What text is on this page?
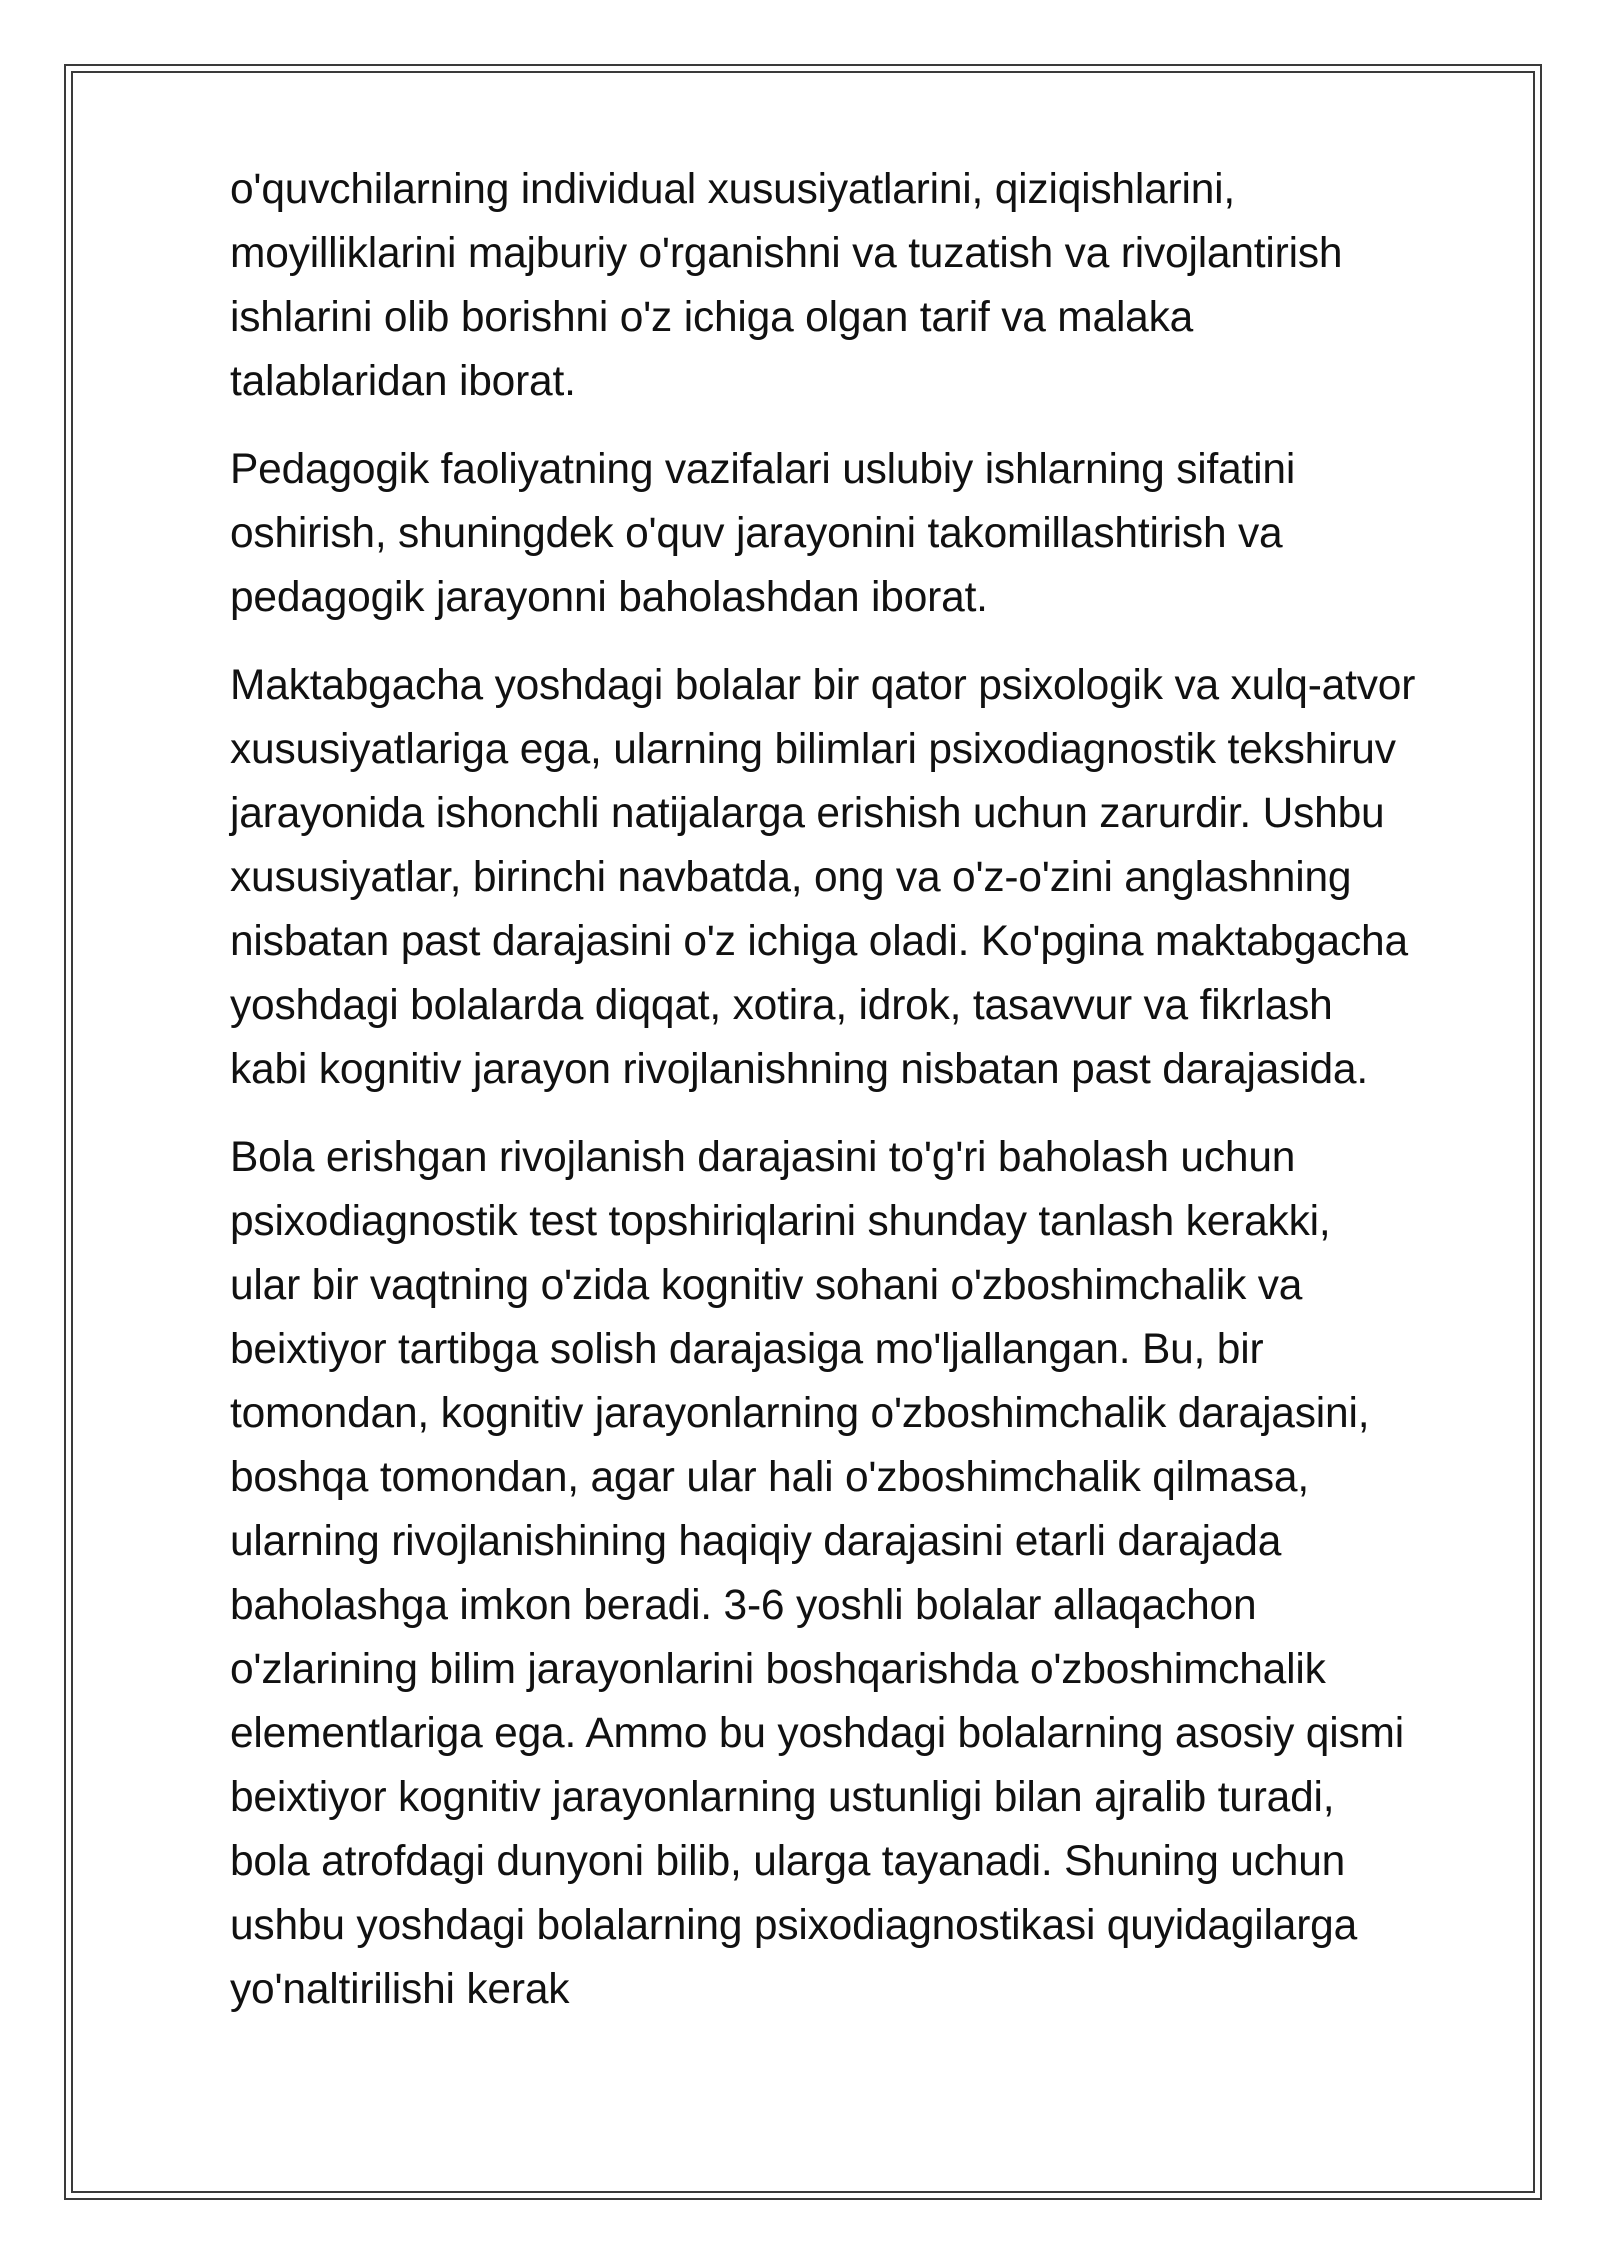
o'quvchilarning individual xususiyatlarini, qiziqishlarini,
moyilliklarini majburiy o'rganishni va tuzatish va rivojlantirish
ishlarini olib borishni o'z ichiga olgan tarif va malaka
talablaridan iborat.

Pedagogik faoliyatning vazifalari uslubiy ishlarning sifatini
oshirish, shuningdek o'quv jarayonini takomillashtirish va
pedagogik jarayonni baholashdan iborat.

Maktabgacha yoshdagi bolalar bir qator psixologik va xulq-atvor
xususiyatlariga ega, ularning bilimlari psixodiagnostik tekshiruv
jarayonida ishonchli natijalarga erishish uchun zarurdir. Ushbu
xususiyatlar, birinchi navbatda, ong va o'z-o'zini anglashning
nisbatan past darajasini o'z ichiga oladi. Ko'pgina maktabgacha
yoshdagi bolalarda diqqat, xotira, idrok, tasavvur va fikrlash
kabi kognitiv jarayon rivojlanishning nisbatan past darajasida.

Bola erishgan rivojlanish darajasini to'g'ri baholash uchun
psixodiagnostik test topshiriqlarini shunday tanlash kerakki,
ular bir vaqtning o'zida kognitiv sohani o'zboshimchalik va
beixtiyor tartibga solish darajasiga mo'ljallangan. Bu, bir
tomondan, kognitiv jarayonlarning o'zboshimchalik darajasini,
boshqa tomondan, agar ular hali o'zboshimchalik qilmasa,
ularning rivojlanishining haqiqiy darajasini etarli darajada
baholashga imkon beradi. 3-6 yoshli bolalar allaqachon
o'zlarining bilim jarayonlarini boshqarishda o'zboshimchalik
elementlariga ega. Ammo bu yoshdagi bolalarning asosiy qismi
beixtiyor kognitiv jarayonlarning ustunligi bilan ajralib turadi,
bola atrofdagi dunyoni bilib, ularga tayanadi. Shuning uchun
ushbu yoshdagi bolalarning psixodiagnostikasi quyidagilarga
yo'naltirilishi kerak
